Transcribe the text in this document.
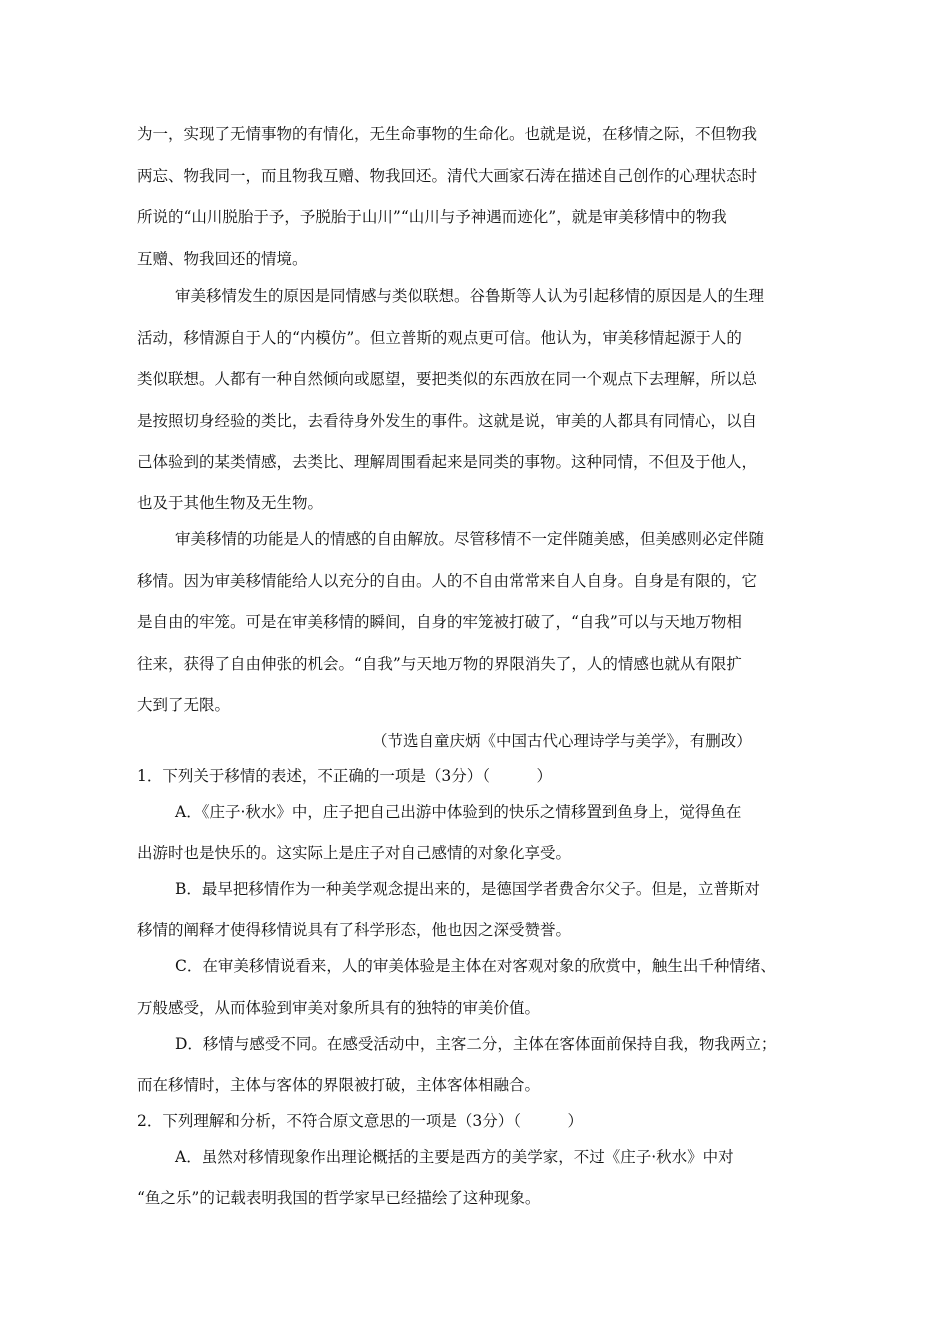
为一，实现了无情事物的有情化，无生命事物的生命化。也就是说，在移情之际，不但物我
两忘、物我同一，而且物我互赠、物我回还。清代大画家石涛在描述自己创作的心理状态时
所说的“山川脱胎于予，予脱胎于山川”“山川与予神遇而迹化”，就是审美移情中的物我
互赠、物我回还的情境。
审美移情发生的原因是同情感与类似联想。谷鲁斯等人认为引起移情的原因是人的生理
活动，移情源自于人的“内模仿”。但立普斯的观点更可信。他认为，审美移情起源于人的
类似联想。人都有一种自然倾向或愿望，要把类似的东西放在同一个观点下去理解，所以总
是按照切身经验的类比，去看待身外发生的事件。这就是说，审美的人都具有同情心，以自
己体验到的某类情感，去类比、理解周围看起来是同类的事物。这种同情，不但及于他人，
也及于其他生物及无生物。
审美移情的功能是人的情感的自由解放。尽管移情不一定伴随美感，但美感则必定伴随
移情。因为审美移情能给人以充分的自由。人的不自由常常来自人自身。自身是有限的，它
是自由的牢笼。可是在审美移情的瞬间，自身的牢笼被打破了，“自我”可以与天地万物相
往来，获得了自由伸张的机会。“自我”与天地万物的界限消失了，人的情感也就从有限扩
大到了无限。
（节选自童庆炳《中国古代心理诗学与美学》，有删改）
1．下列关于移情的表述，不正确的一项是（3分）（　　　）
A．《庄子·秋水》中，庄子把自己出游中体验到的快乐之情移置到鱼身上，觉得鱼在
出游时也是快乐的。这实际上是庄子对自己感情的对象化享受。
B．最早把移情作为一种美学观念提出来的，是德国学者费舍尔父子。但是，立普斯对
移情的阐释才使得移情说具有了科学形态，他也因之深受赞誉。
C．在审美移情说看来，人的审美体验是主体在对客观对象的欣赏中，触生出千种情绪、
万般感受，从而体验到审美对象所具有的独特的审美价值。
D．移情与感受不同。在感受活动中，主客二分，主体在客体面前保持自我，物我两立；
而在移情时，主体与客体的界限被打破，主体客体相融合。
2．下列理解和分析，不符合原文意思的一项是（3分）（　　　）
A．虽然对移情现象作出理论概括的主要是西方的美学家，不过《庄子·秋水》中对
“鱼之乐”的记载表明我国的哲学家早已经描绘了这种现象。
